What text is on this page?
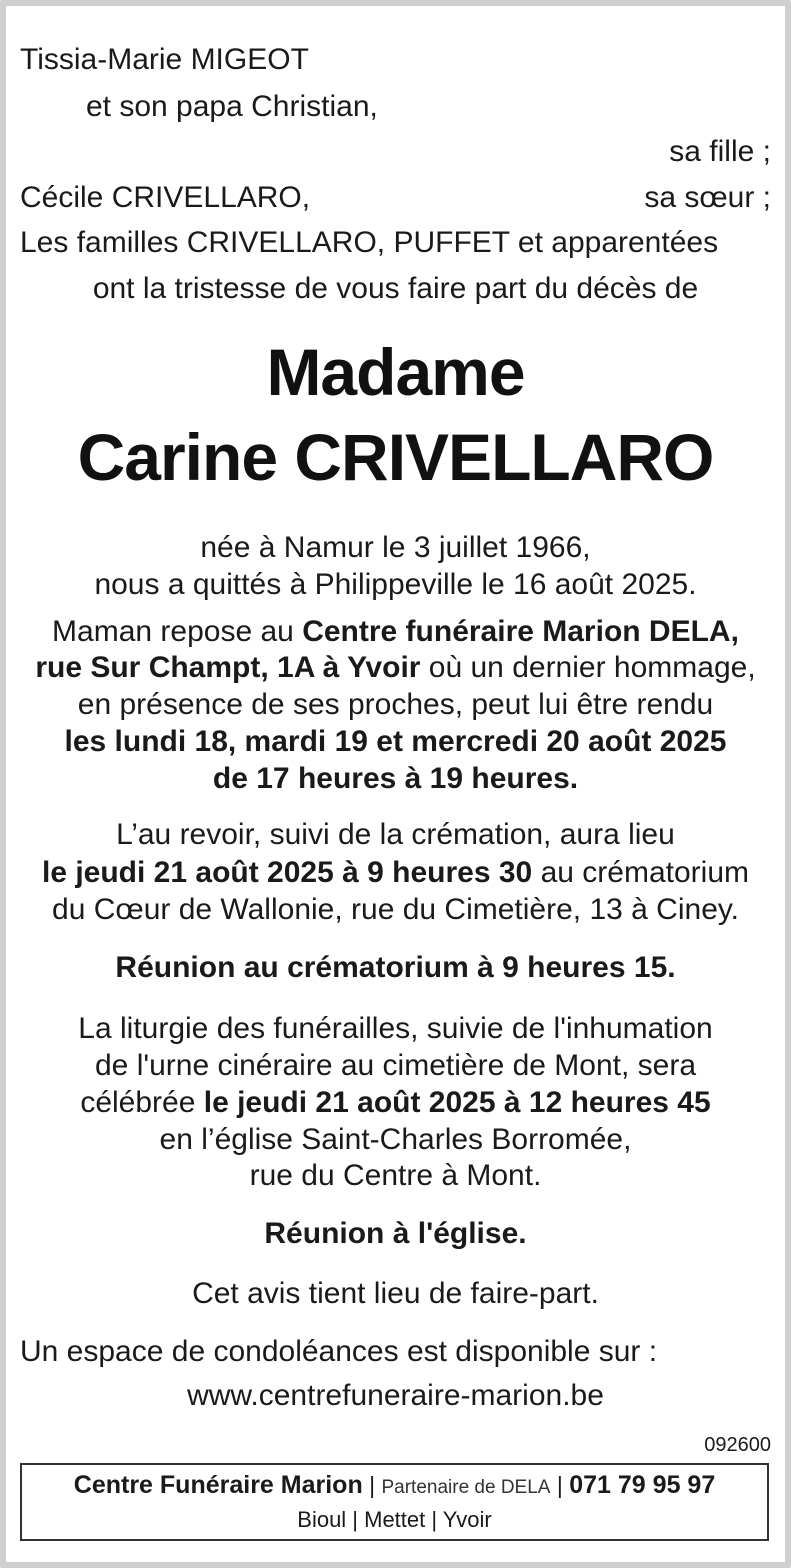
Tissia-Marie MIGEOT
et son papa Christian,
sa fille ;
Cécile CRIVELLARO,	sa sœur ;
Les familles CRIVELLARO, PUFFET et apparentées
ont la tristesse de vous faire part du décès de
Madame
Carine CRIVELLARO
née à Namur le 3 juillet 1966,
nous a quittés à Philippeville le 16 août 2025.
Maman repose au Centre funéraire Marion DELA,
rue Sur Champt, 1A à Yvoir où un dernier hommage,
en présence de ses proches, peut lui être rendu
les lundi 18, mardi 19 et mercredi 20 août 2025
de 17 heures à 19 heures.
L’au revoir, suivi de la crémation, aura lieu
le jeudi 21 août 2025 à 9 heures 30 au crématorium
du Cœur de Wallonie, rue du Cimetière, 13 à Ciney.
Réunion au crématorium à 9 heures 15.
La liturgie des funérailles, suivie de l'inhumation
de l'urne cinéraire au cimetière de Mont, sera
célébrée le jeudi 21 août 2025 à 12 heures 45
en l’église Saint-Charles Borromée,
rue du Centre à Mont.
Réunion à l'église.
Cet avis tient lieu de faire-part.
Un espace de condoléances est disponible sur :
www.centrefuneraire-marion.be
092600
Centre Funéraire Marion | Partenaire de DELA | 071 79 95 97
Bioul | Mettet | Yvoir
